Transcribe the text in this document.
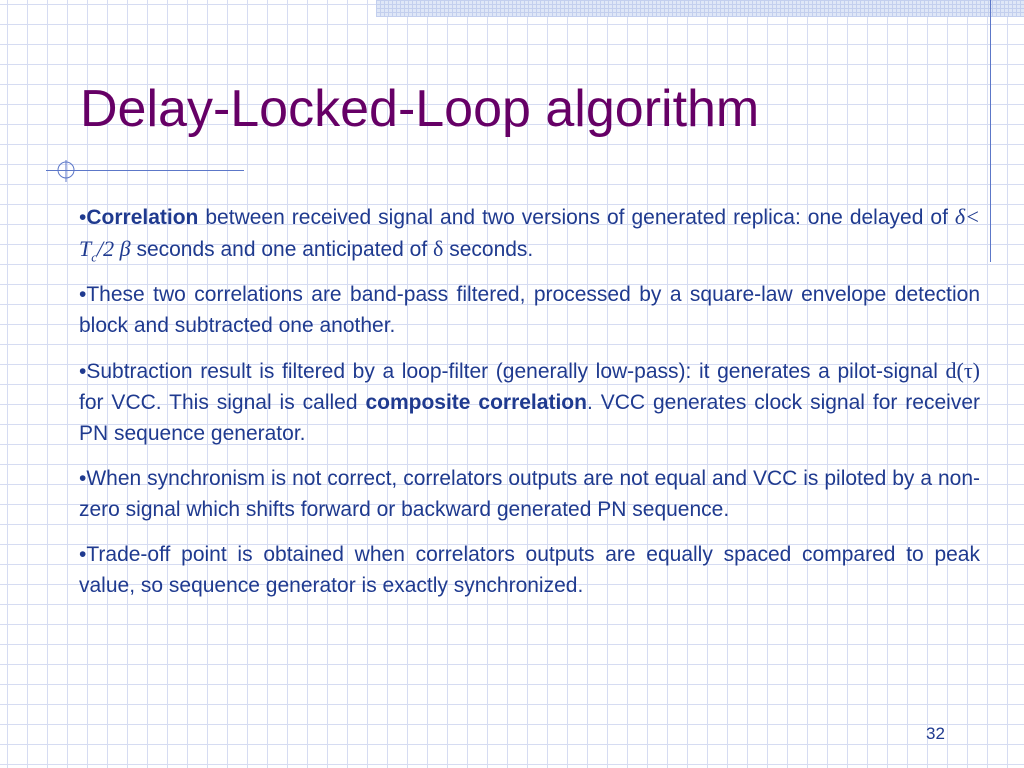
Delay-Locked-Loop algorithm

•Correlation between received signal and two versions of generated replica: one delayed of $\delta< T_c/2$ β seconds and one anticipated of δ seconds.

•These two correlations are band-pass filtered, processed by a square-law envelope detection block and subtracted one another.

•Subtraction result is filtered by a loop-filter (generally low-pass): it generates a pilot-signal d(τ) for VCC. This signal is called composite correlation. VCC generates clock signal for receiver PN sequence generator.

•When synchronism is not correct, correlators outputs are not equal and VCC is piloted by a non-zero signal which shifts forward or backward generated PN sequence.

•Trade-off point is obtained when correlators outputs are equally spaced compared to peak value, so sequence generator is exactly synchronized.

32
